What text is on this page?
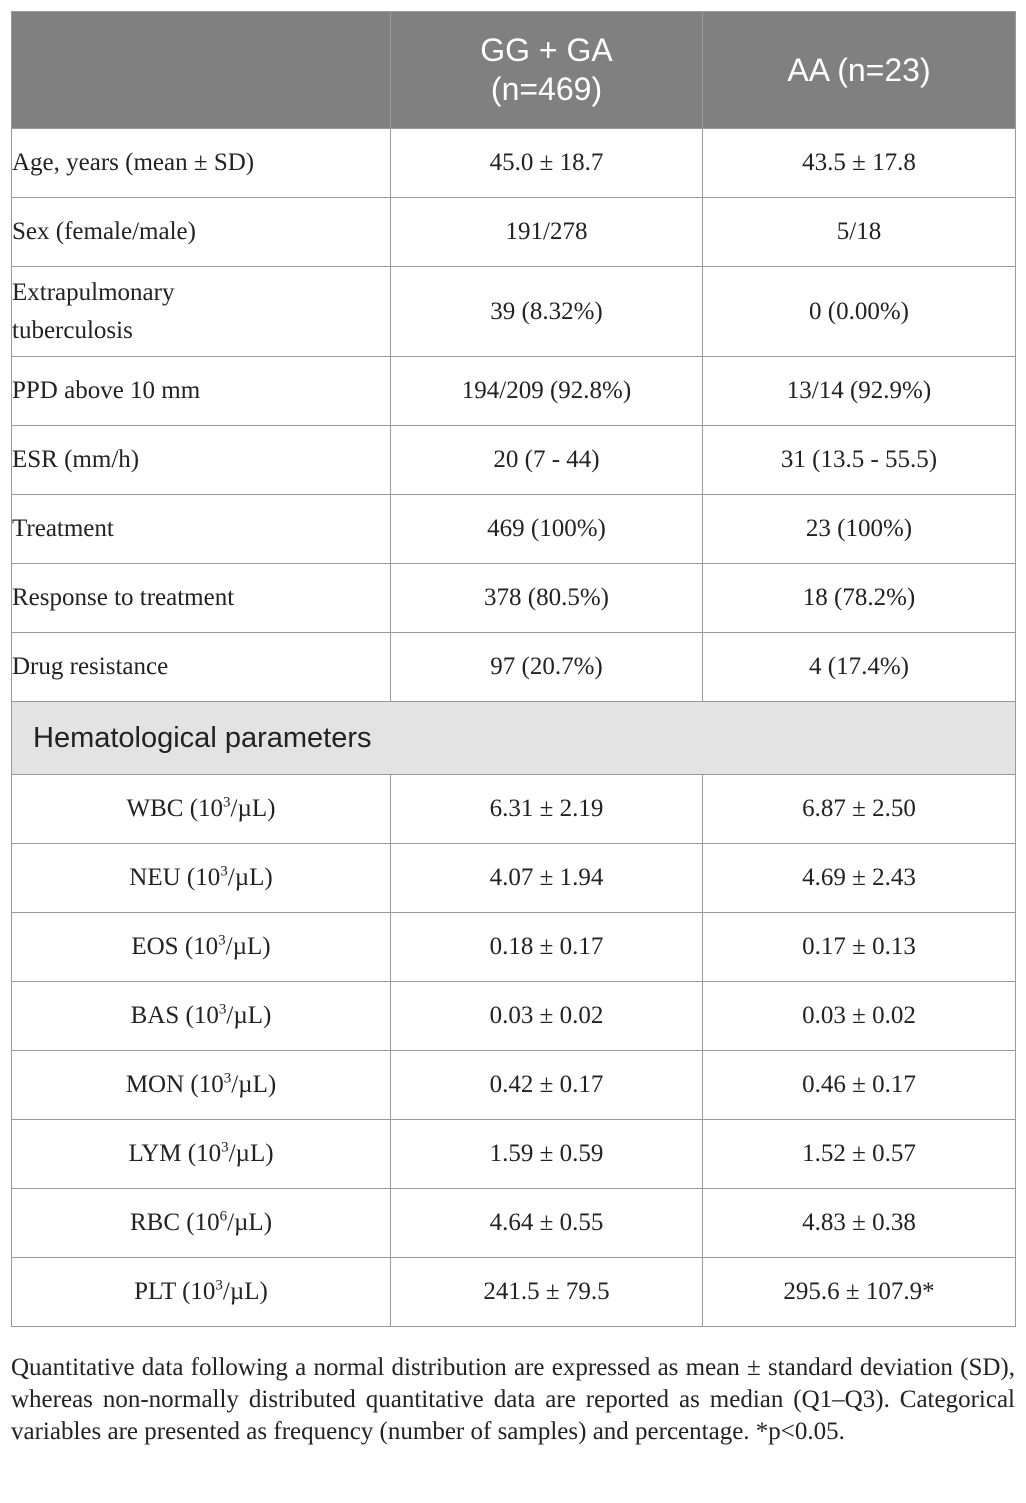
	GG + GA (n=469)	AA (n=23)
Age, years (mean ± SD)	45.0 ± 18.7	43.5 ± 17.8
Sex (female/male)	191/278	5/18
Extrapulmonary tuberculosis	39 (8.32%)	0 (0.00%)
PPD above 10 mm	194/209 (92.8%)	13/14 (92.9%)
ESR (mm/h)	20 (7 - 44)	31 (13.5 - 55.5)
Treatment	469 (100%)	23 (100%)
Response to treatment	378 (80.5%)	18 (78.2%)
Drug resistance	97 (20.7%)	4 (17.4%)
Hematological parameters		
WBC $(10^3/\mu L)$	6.31 ± 2.19	6.87 ± 2.50
NEU $(10^3/\mu L)$	4.07 ± 1.94	4.69 ± 2.43
EOS $(10^3/\mu L)$	0.18 ± 0.17	0.17 ± 0.13
BAS $(10^3/\mu L)$	0.03 ± 0.02	0.03 ± 0.02
MON $(10^3/\mu L)$	0.42 ± 0.17	0.46 ± 0.17
LYM $(10^3/\mu L)$	1.59 ± 0.59	1.52 ± 0.57
RBC $(10^6/\mu L)$	4.64 ± 0.55	4.83 ± 0.38
PLT $(10^3/\mu L)$	241.5 ± 79.5	295.6 ± 107.9*
Quantitative data following a normal distribution are expressed as mean ± standard deviation (SD), whereas non-normally distributed quantitative data are reported as median (Q1–Q3). Categorical variables are presented as frequency (number of samples) and percentage. *p<0.05.
